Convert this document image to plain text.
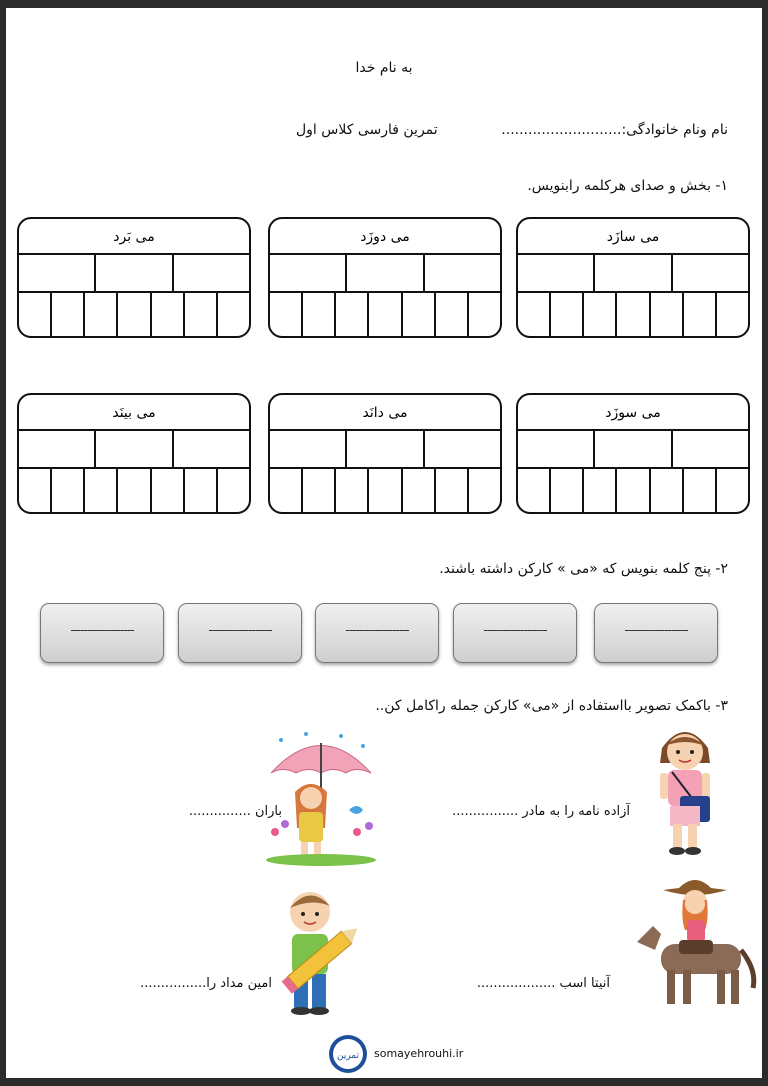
به نام خدا
نام ونام خانوادگی:...........................
تمرین فارسی کلاس اول
۱- بخش و صدای هرکلمه رابنویس.
می سازَد
می دوزَد
می بَرد
می سوزَد
می دانَد
می بینَد
۲- پنج کلمه بنویس که «می » کارکن داشته باشند.
-------------------
-------------------
-------------------
-------------------
-------------------
۳- باکمک تصویر بااستفاده از «می» کارکن جمله راکامل کن..
آزاده نامه را به مادر ................
باران ...............
آنیتا اسب ...................
امین مداد را................
تمرین somayehrouhi.ir
